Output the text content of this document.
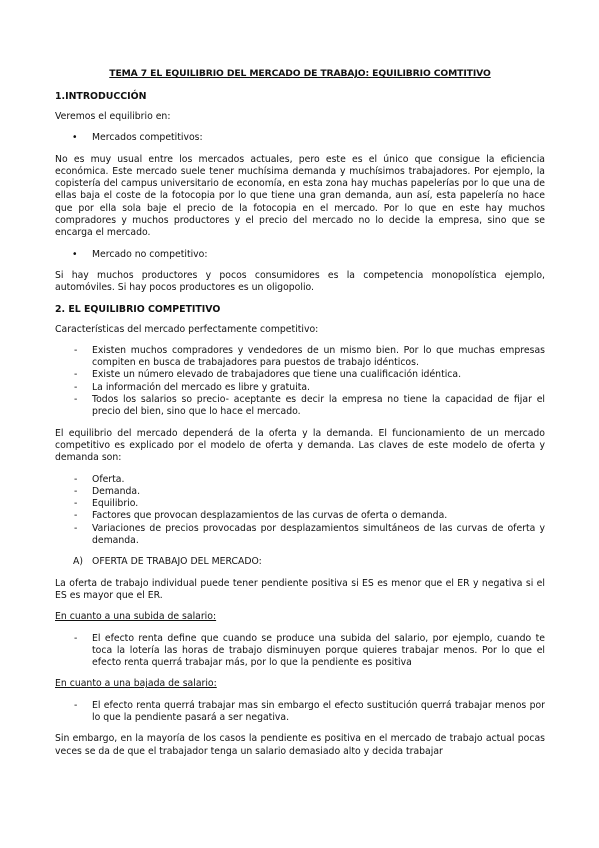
TEMA 7 EL EQUILIBRIO DEL MERCADO DE TRABAJO: EQUILIBRIO COMTITIVO
1.INTRODUCCIÓN

Veremos el equilibrio en:

• Mercados competitivos:

No es muy usual entre los mercados actuales, pero este es el único que consigue la eficiencia económica. Este mercado suele tener muchísima demanda y muchísimos trabajadores. Por ejemplo, la copistería del campus universitario de economía, en esta zona hay muchas papelerías por lo que una de ellas baja el coste de la fotocopia por lo que tiene una gran demanda, aun así, esta papelería no hace que por ella sola baje el precio de la fotocopia en el mercado. Por lo que en este hay muchos compradores y muchos productores y el precio del mercado no lo decide la empresa, sino que se encarga el mercado.

• Mercado no competitivo:

Si hay muchos productores y pocos consumidores es la competencia monopolística ejemplo, automóviles. Si hay pocos productores es un oligopolio.

2. EL EQUILIBRIO COMPETITIVO

Características del mercado perfectamente competitivo:

- Existen muchos compradores y vendedores de un mismo bien. Por lo que muchas empresas compiten en busca de trabajadores para puestos de trabajo idénticos.
- Existe un número elevado de trabajadores que tiene una cualificación idéntica.
- La información del mercado es libre y gratuita.
- Todos los salarios so precio- aceptante es decir la empresa no tiene la capacidad de fijar el precio del bien, sino que lo hace el mercado.

El equilibrio del mercado dependerá de la oferta y la demanda. El funcionamiento de un mercado competitivo es explicado por el modelo de oferta y demanda. Las claves de este modelo de oferta y demanda son:

- Oferta.
- Demanda.
- Equilibrio.
- Factores que provocan desplazamientos de las curvas de oferta o demanda.
- Variaciones de precios provocadas por desplazamientos simultáneos de las curvas de oferta y demanda.
A) OFERTA DE TRABAJO DEL MERCADO:

La oferta de trabajo individual puede tener pendiente positiva si ES es menor que el ER y negativa si el ES es mayor que el ER.

En cuanto a una subida de salario:

- El efecto renta define que cuando se produce una subida del salario, por ejemplo, cuando te toca la lotería las horas de trabajo disminuyen porque quieres trabajar menos. Por lo que el efecto renta querrá trabajar más, por lo que la pendiente es positiva

En cuanto a una bajada de salario:

- El efecto renta querrá trabajar mas sin embargo el efecto sustitución querrá trabajar menos por lo que la pendiente pasará a ser negativa.

Sin embargo, en la mayoría de los casos la pendiente es positiva en el mercado de trabajo actual pocas veces se da de que el trabajador tenga un salario demasiado alto y decida trabajar
